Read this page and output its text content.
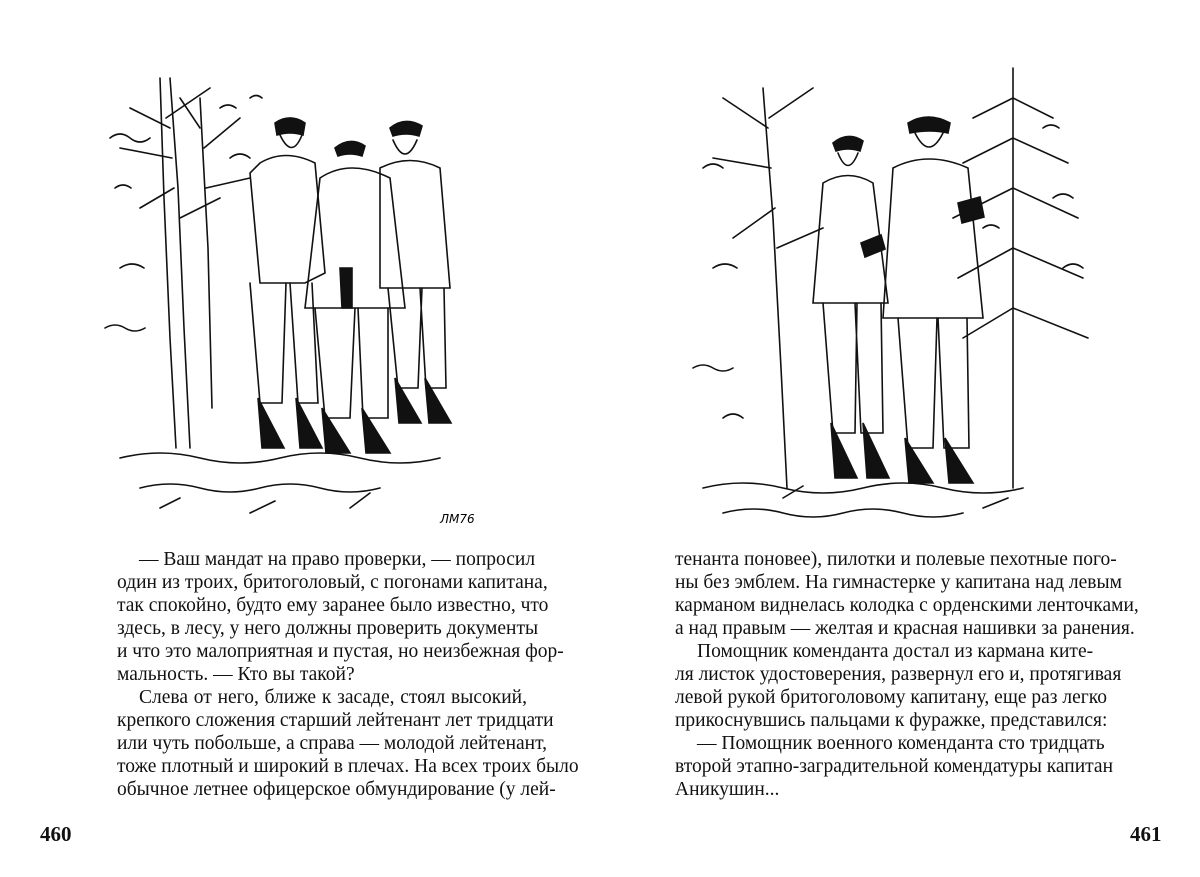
ЛМ76
— Ваш мандат на право проверки, — попросил
один из троих, бритоголовый, с погонами капитана,
так спокойно, будто ему заранее было известно, что
здесь, в лесу, у него должны проверить документы
и что это малоприятная и пустая, но неизбежная фор-
мальность. — Кто вы такой?
Слева от него, ближе к засаде, стоял высокий,
крепкого сложения старший лейтенант лет тридцати
или чуть побольше, а справа — молодой лейтенант,
тоже плотный и широкий в плечах. На всех троих было
обычное летнее офицерское обмундирование (у лей-
460
тенанта поновее), пилотки и полевые пехотные пого-
ны без эмблем. На гимнастерке у капитана над левым
карманом виднелась колодка с орденскими ленточками,
а над правым — желтая и красная нашивки за ранения.
Помощник коменданта достал из кармана ките-
ля листок удостоверения, развернул его и, протягивая
левой рукой бритоголовому капитану, еще раз легко
прикоснувшись пальцами к фуражке, представился:
— Помощник военного коменданта сто тридцать
второй этапно-заградительной комендатуры капитан
Аникушин...
461
